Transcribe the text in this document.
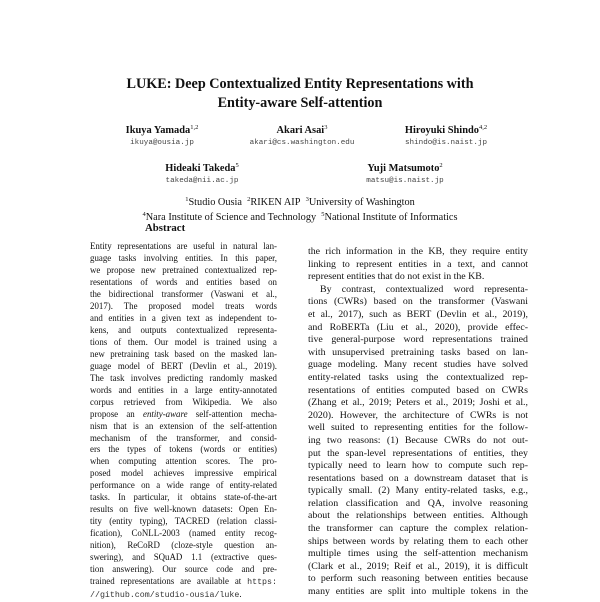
LUKE: Deep Contextualized Entity Representations with
Entity-aware Self-attention
Ikuya Yamada$^{1,2}$
ikuya@ousia.jp
Akari Asai$^3$
akari@cs.washington.edu
Hiroyuki Shindo$^{4,2}$
shindo@is.naist.jp
Hideaki Takeda$^5$
takeda@nii.ac.jp
Yuji Matsumoto$^2$
matsu@is.naist.jp
$^1$Studio Ousia $^2$RIKEN AIP $^3$University of Washington
$^4$Nara Institute of Science and Technology $^5$National Institute of Informatics
Abstract
Entity representations are useful in natural lan-
guage tasks involving entities. In this paper,
we propose new pretrained contextualized rep-
resentations of words and entities based on
the bidirectional transformer (Vaswani et al.,
2017). The proposed model treats words
and entities in a given text as independent to-
kens, and outputs contextualized representa-
tions of them. Our model is trained using a
new pretraining task based on the masked lan-
guage model of BERT (Devlin et al., 2019).
The task involves predicting randomly masked
words and entities in a large entity-annotated
corpus retrieved from Wikipedia. We also
propose an entity-aware self-attention mecha-
nism that is an extension of the self-attention
mechanism of the transformer, and consid-
ers the types of tokens (words or entities)
when computing attention scores. The pro-
posed model achieves impressive empirical
performance on a wide range of entity-related
tasks. In particular, it obtains state-of-the-art
results on five well-known datasets: Open En-
tity (entity typing), TACRED (relation classi-
fication), CoNLL-2003 (named entity recog-
nition), ReCoRD (cloze-style question an-
swering), and SQuAD 1.1 (extractive ques-
tion answering). Our source code and pre-
trained representations are available at https:
//github.com/studio-ousia/luke.
the rich information in the KB, they require entity
linking to represent entities in a text, and cannot
represent entities that do not exist in the KB.
By contrast, contextualized word representa-
tions (CWRs) based on the transformer (Vaswani
et al., 2017), such as BERT (Devlin et al., 2019),
and RoBERTa (Liu et al., 2020), provide effec-
tive general-purpose word representations trained
with unsupervised pretraining tasks based on lan-
guage modeling. Many recent studies have solved
entity-related tasks using the contextualized rep-
resentations of entities computed based on CWRs
(Zhang et al., 2019; Peters et al., 2019; Joshi et al.,
2020). However, the architecture of CWRs is not
well suited to representing entities for the follow-
ing two reasons: (1) Because CWRs do not out-
put the span-level representations of entities, they
typically need to learn how to compute such rep-
resentations based on a downstream dataset that is
typically small. (2) Many entity-related tasks, e.g.,
relation classification and QA, involve reasoning
about the relationships between entities. Although
the transformer can capture the complex relation-
ships between words by relating them to each other
multiple times using the self-attention mechanism
(Clark et al., 2019; Reif et al., 2019), it is difficult
to perform such reasoning between entities because
many entities are split into multiple tokens in the
